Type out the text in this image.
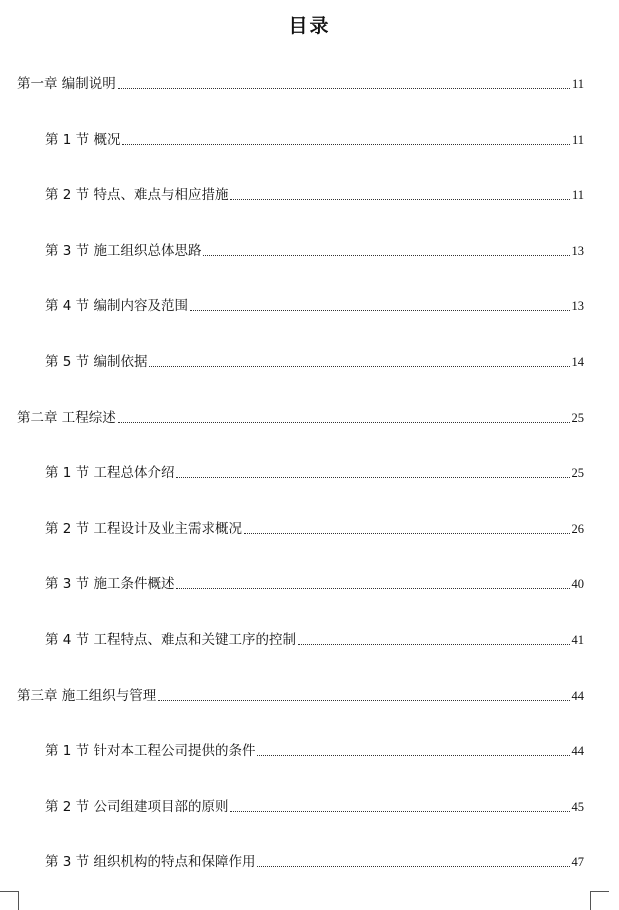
目录
第一章 编制说明	11
第 1 节 概况	11
第 2 节 特点、难点与相应措施	11
第 3 节 施工组织总体思路	13
第 4 节 编制内容及范围	13
第 5 节 编制依据	14
第二章 工程综述	25
第 1 节 工程总体介绍	25
第 2 节 工程设计及业主需求概况	26
第 3 节 施工条件概述	40
第 4 节 工程特点、难点和关键工序的控制	41
第三章 施工组织与管理	44
第 1 节 针对本工程公司提供的条件	44
第 2 节 公司组建项目部的原则	45
第 3 节 组织机构的特点和保障作用	47
